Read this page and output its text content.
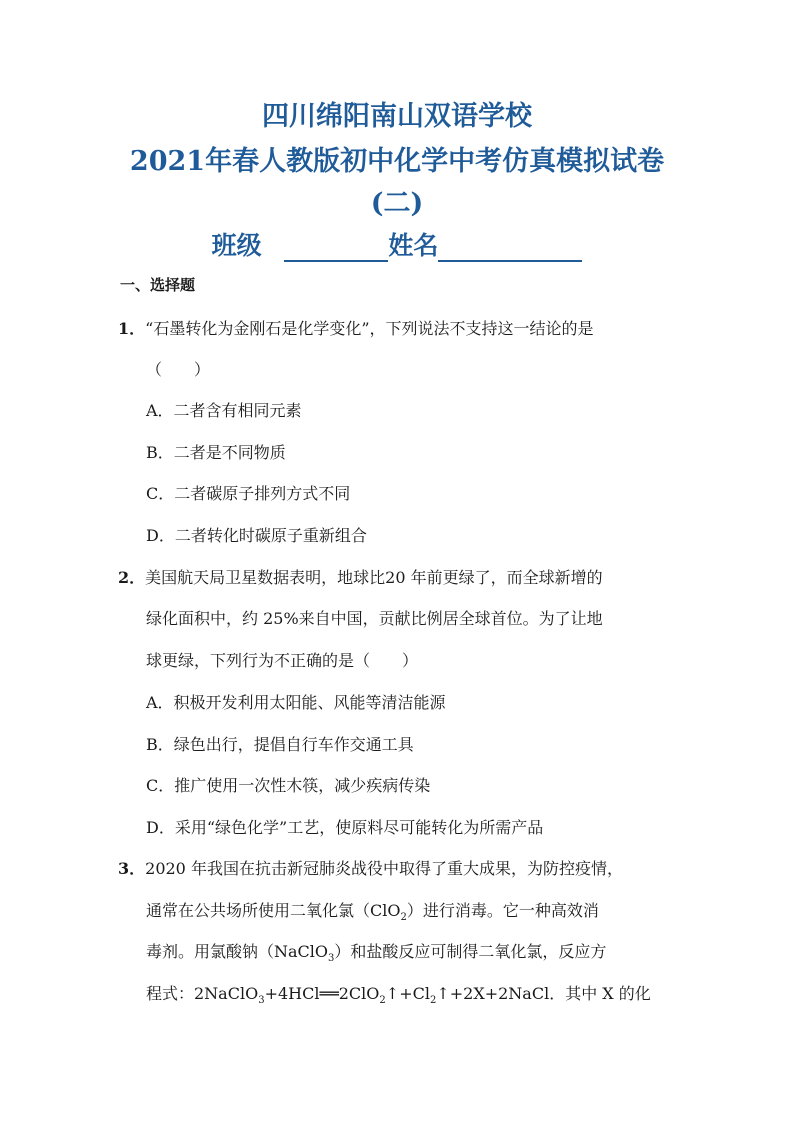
四川绵阳南山双语学校
2021年春人教版初中化学中考仿真模拟试卷
(二)
班级	姓名
一、选择题
1．“石墨转化为金刚石是化学变化”，下列说法不支持这一结论的是
（　　）
A．二者含有相同元素
B．二者是不同物质
C．二者碳原子排列方式不同
D．二者转化时碳原子重新组合
2．美国航天局卫星数据表明，地球比20 年前更绿了，而全球新增的
绿化面积中，约 25%来自中国，贡献比例居全球首位。为了让地
球更绿，下列行为不正确的是（　　）
A．积极开发利用太阳能、风能等清洁能源
B．绿色出行，提倡自行车作交通工具
C．推广使用一次性木筷，减少疾病传染
D．采用“绿色化学”工艺，使原料尽可能转化为所需产品
3．2020 年我国在抗击新冠肺炎战役中取得了重大成果，为防控疫情，
通常在公共场所使用二氧化氯（ClO$_2$）进行消毒。它一种高效消
毒剂。用氯酸钠（NaClO$_3$）和盐酸反应可制得二氧化氯，反应方
程式：$2NaClO_3+4HCl══2ClO_2↑+Cl_2↑+2X+2NaCl$．其中 X 的化
